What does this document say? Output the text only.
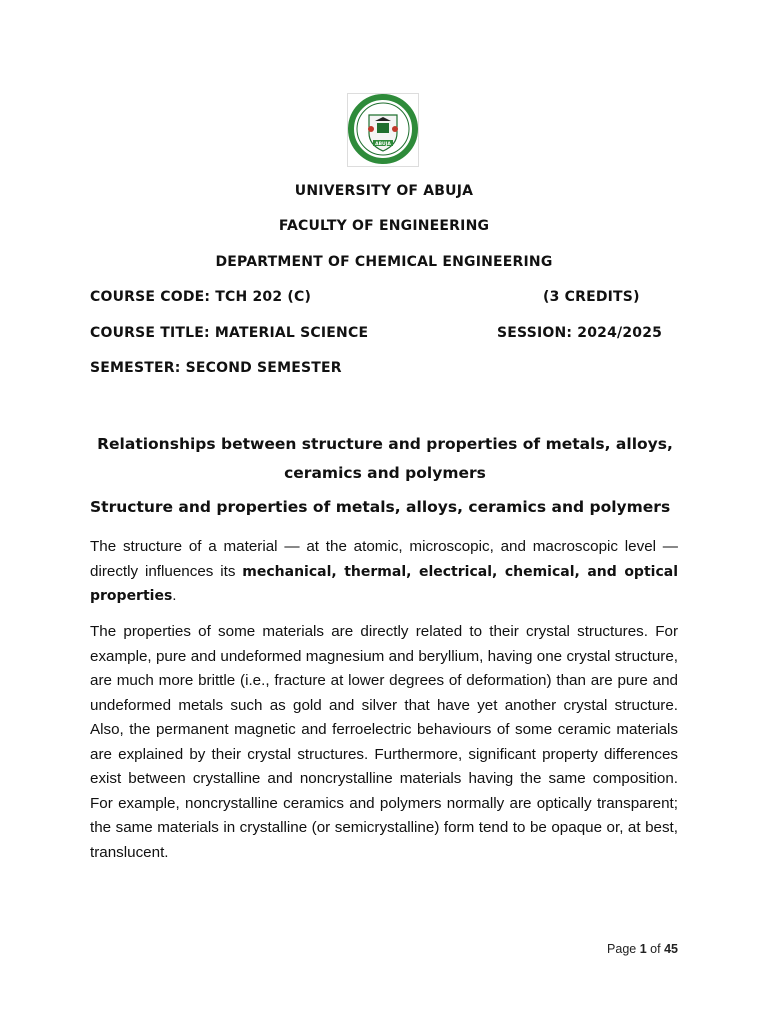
ABUJA
UNIVERSITY OF ABUJA
FACULTY OF ENGINEERING
DEPARTMENT OF CHEMICAL ENGINEERING
COURSE CODE: TCH 202 (C)	(3 CREDITS)
COURSE TITLE: MATERIAL SCIENCE	SESSION: 2024/2025
SEMESTER: SECOND SEMESTER
Relationships between structure and properties of metals, alloys, ceramics and polymers
Structure and properties of metals, alloys, ceramics and polymers

The structure of a material — at the atomic, microscopic, and macroscopic level — directly influences its mechanical, thermal, electrical, chemical, and optical properties.

The properties of some materials are directly related to their crystal structures. For example, pure and undeformed magnesium and beryllium, having one crystal structure, are much more brittle (i.e., fracture at lower degrees of deformation) than are pure and undeformed metals such as gold and silver that have yet another crystal structure. Also, the permanent magnetic and ferroelectric behaviours of some ceramic materials are explained by their crystal structures. Furthermore, significant property differences exist between crystalline and noncrystalline materials having the same composition. For example, noncrystalline ceramics and polymers normally are optically transparent; the same materials in crystalline (or semicrystalline) form tend to be opaque or, at best, translucent.

Page 1 of 45
